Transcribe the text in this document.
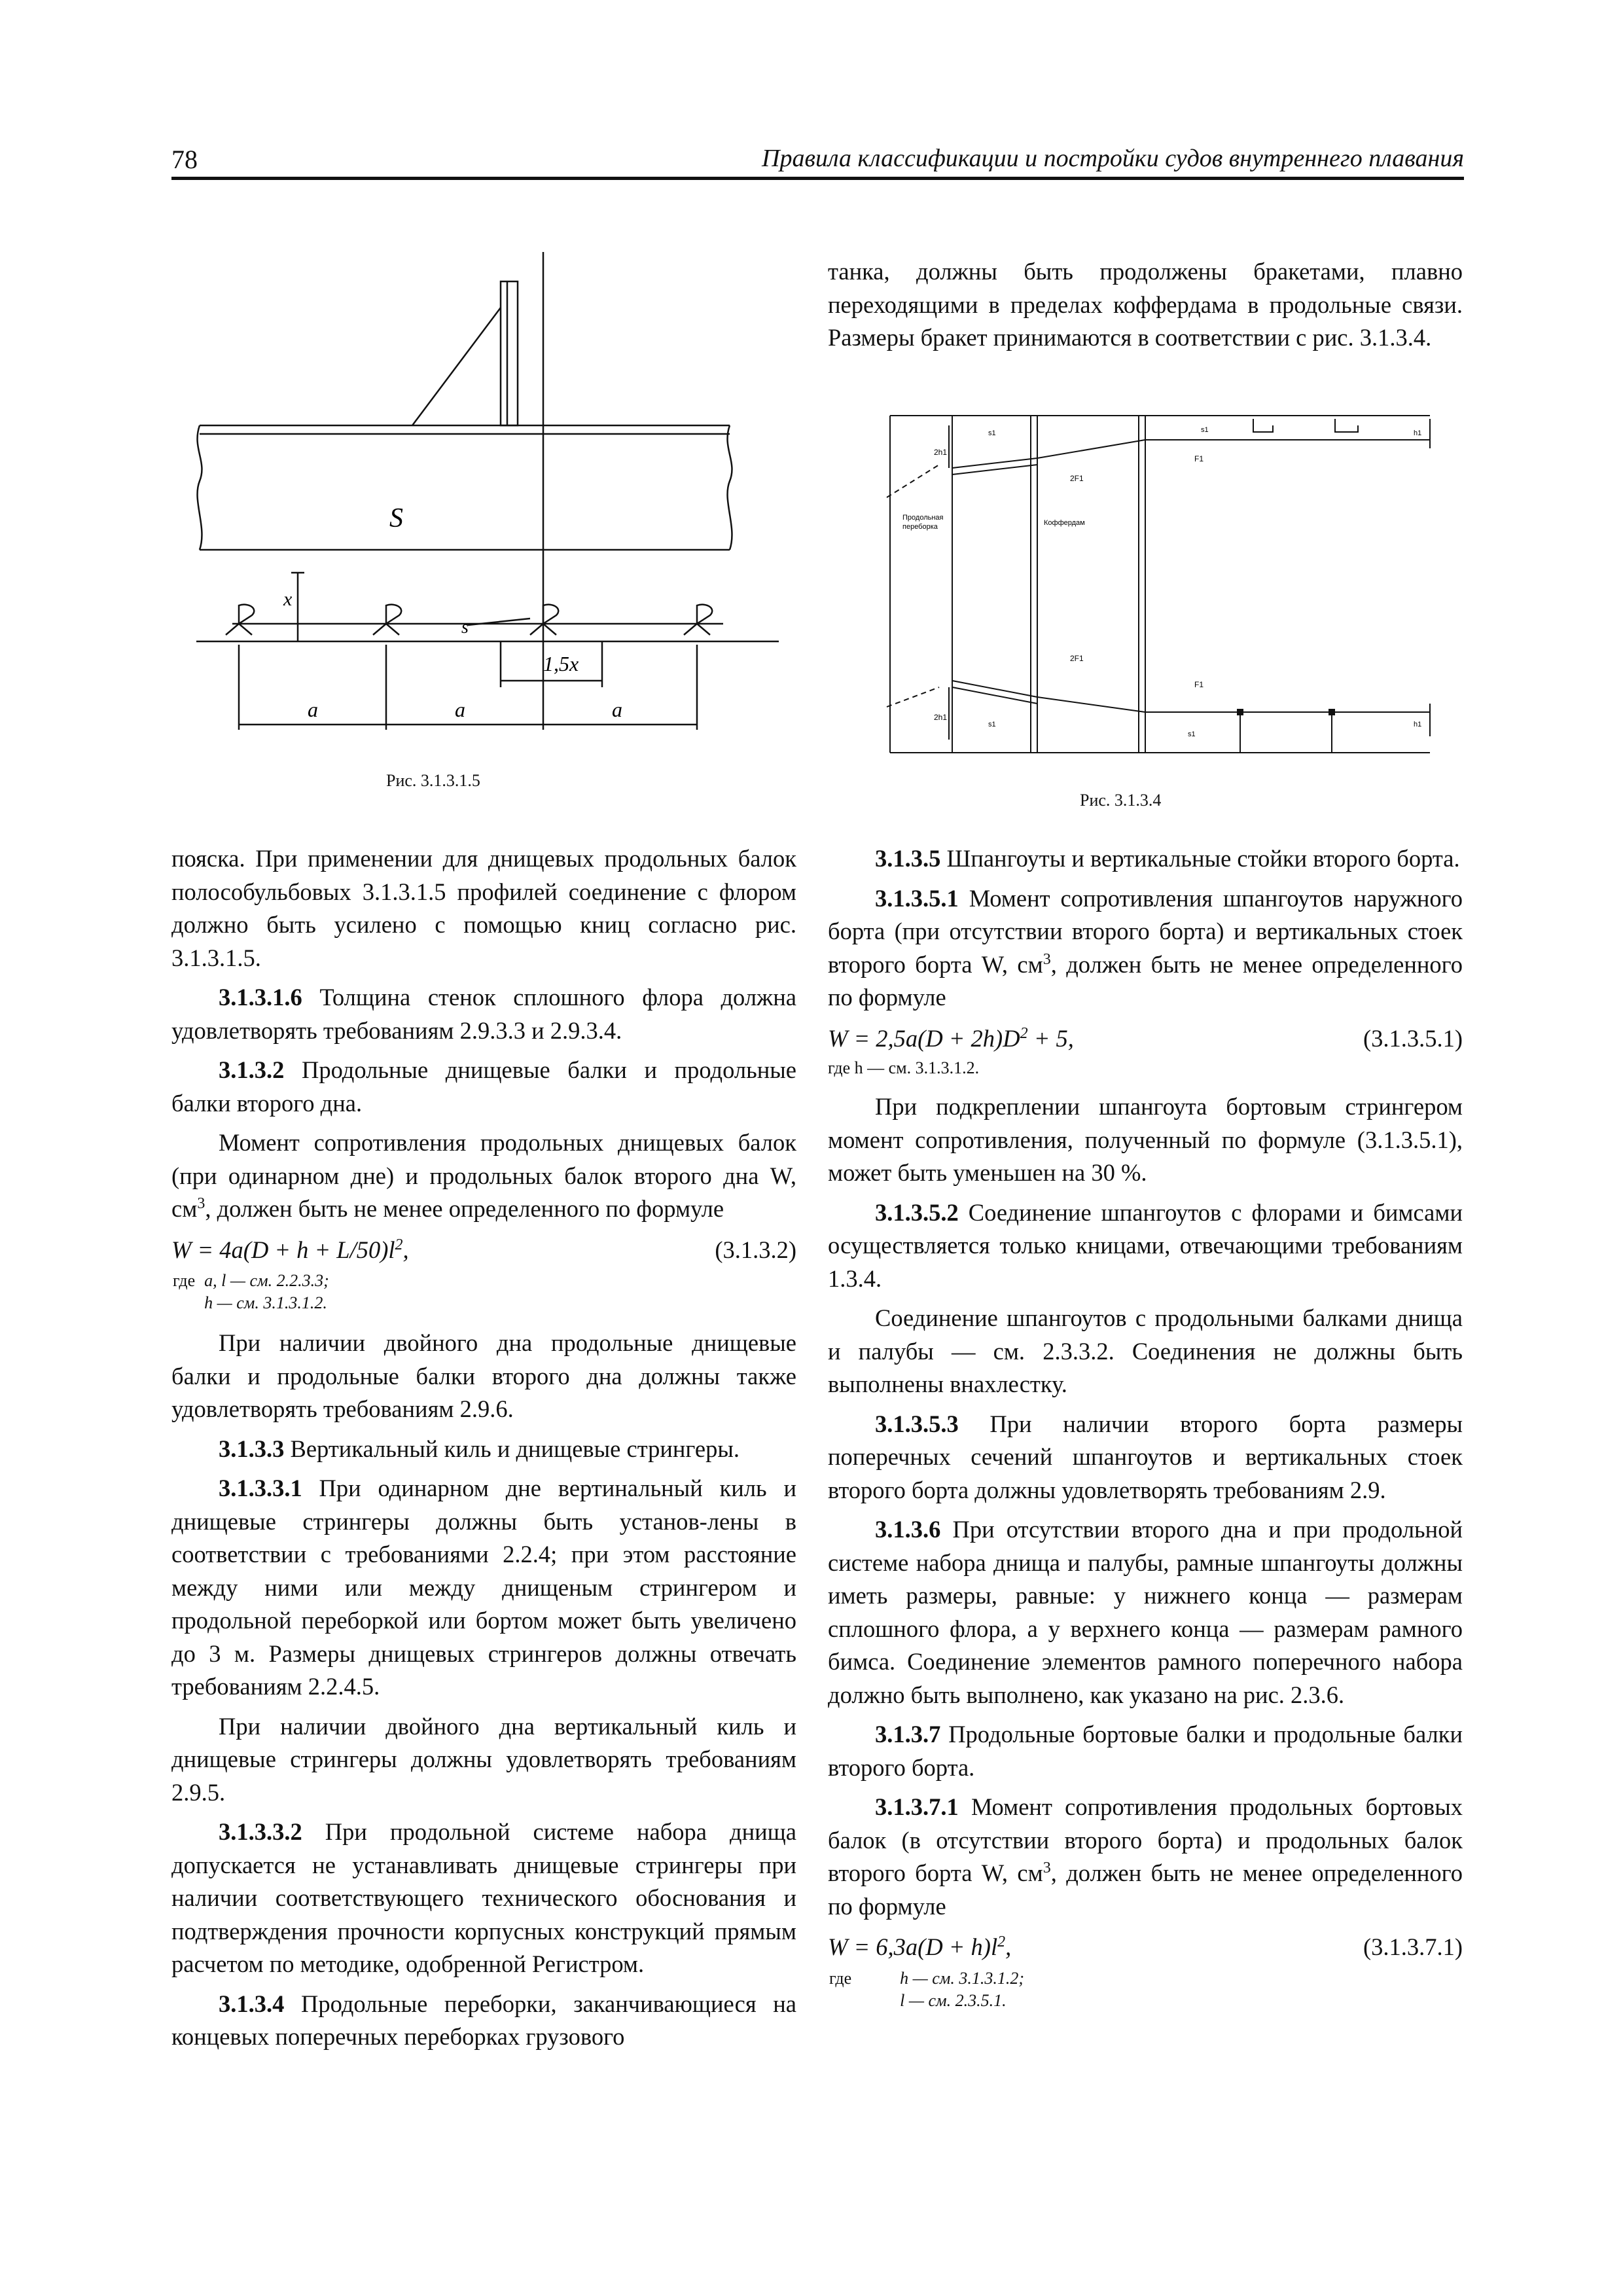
78	Правила классификации и постройки судов внутреннего плавания
S
x
s
1,5x
a	a	a
Рис. 3.1.3.1.5

танка, должны быть продолжены бракетами, плавно переходящими в пределах коффердама в продольные связи. Размеры бракет принимаются в соответствии с рис. 3.1.3.4.

Продольная
переборка	Коффердам
2h1
2h1
s1	s1
s1
s1
2F1
2F1
F1
F1
h1
h1
Рис. 3.1.3.4

пояска. При применении для днищевых продольных балок полособульбовых 3.1.3.1.5 профилей соединение с флором должно быть усилено с помощью книц согласно рис. 3.1.3.1.5.

3.1.3.1.6 Толщина стенок сплошного флора должна удовлетворять требованиям 2.9.3.3 и 2.9.3.4.

3.1.3.2 Продольные днищевые балки и продольные балки второго дна.

Момент сопротивления продольных днищевых балок (при одинарном дне) и продольных балок второго дна W, $см^3$, должен быть не менее определенного по формуле

$W = 4a(D + h + L/50)l^2$,	(3.1.3.2)
где	a, l — см. 2.2.3.3;
	h — см. 3.1.3.1.2.

При наличии двойного дна продольные днищевые балки и продольные балки второго дна должны также удовлетворять требованиям 2.9.6.

3.1.3.3 Вертикальный киль и днищевые стрингеры.

3.1.3.3.1 При одинарном дне вертинальный киль и днищевые стрингеры должны быть установ-лены в соответствии с требованиями 2.2.4; при этом расстояние между ними или между днищеным стрингером и продольной переборкой или бортом может быть увеличено до 3 м. Размеры днищевых стрингеров должны отвечать требованиям 2.2.4.5.

При наличии двойного дна вертикальный киль и днищевые стрингеры должны удовлетворять требованиям 2.9.5.

3.1.3.3.2 При продольной системе набора днища допускается не устанавливать днищевые стрингеры при наличии соответствующего технического обоснования и подтверждения прочности корпусных конструкций прямым расчетом по методике, одобренной Регистром.

3.1.3.4 Продольные переборки, заканчивающиеся на концевых поперечных переборках грузового

3.1.3.5 Шпангоуты и вертикальные стойки второго борта.

3.1.3.5.1 Момент сопротивления шпангоутов наружного борта (при отсутствии второго борта) и вертикальных стоек второго борта W, $см^3$, должен быть не менее определенного по формуле

$W = 2,5a(D + 2h)D^2 + 5$,	(3.1.3.5.1)
где h — см. 3.1.3.1.2.

При подкреплении шпангоута бортовым стрингером момент сопротивления, полученный по формуле (3.1.3.5.1), может быть уменьшен на 30 %.

3.1.3.5.2 Соединение шпангоутов с флорами и бимсами осуществляется только кницами, отвечающими требованиям 1.3.4.

Соединение шпангоутов с продольными балками днища и палубы — см. 2.3.3.2. Соединения не должны быть выполнены внахлестку.

3.1.3.5.3 При наличии второго борта размеры поперечных сечений шпангоутов и вертикальных стоек второго борта должны удовлетворять требованиям 2.9.

3.1.3.6 При отсутствии второго дна и при продольной системе набора днища и палубы, рамные шпангоуты должны иметь размеры, равные: у нижнего конца — размерам сплошного флора, а у верхнего конца — размерам рамного бимса. Соединение элементов рамного поперечного набора должно быть выполнено, как указано на рис. 2.3.6.

3.1.3.7 Продольные бортовые балки и продольные балки второго борта.

3.1.3.7.1 Момент сопротивления продольных бортовых балок (в отсутствии второго борта) и продольных балок второго борта W, $см^3$, должен быть не менее определенного по формуле

$W = 6,3a(D + h)l^2$,	(3.1.3.7.1)
где	h — см. 3.1.3.1.2;
	l — см. 2.3.5.1.
